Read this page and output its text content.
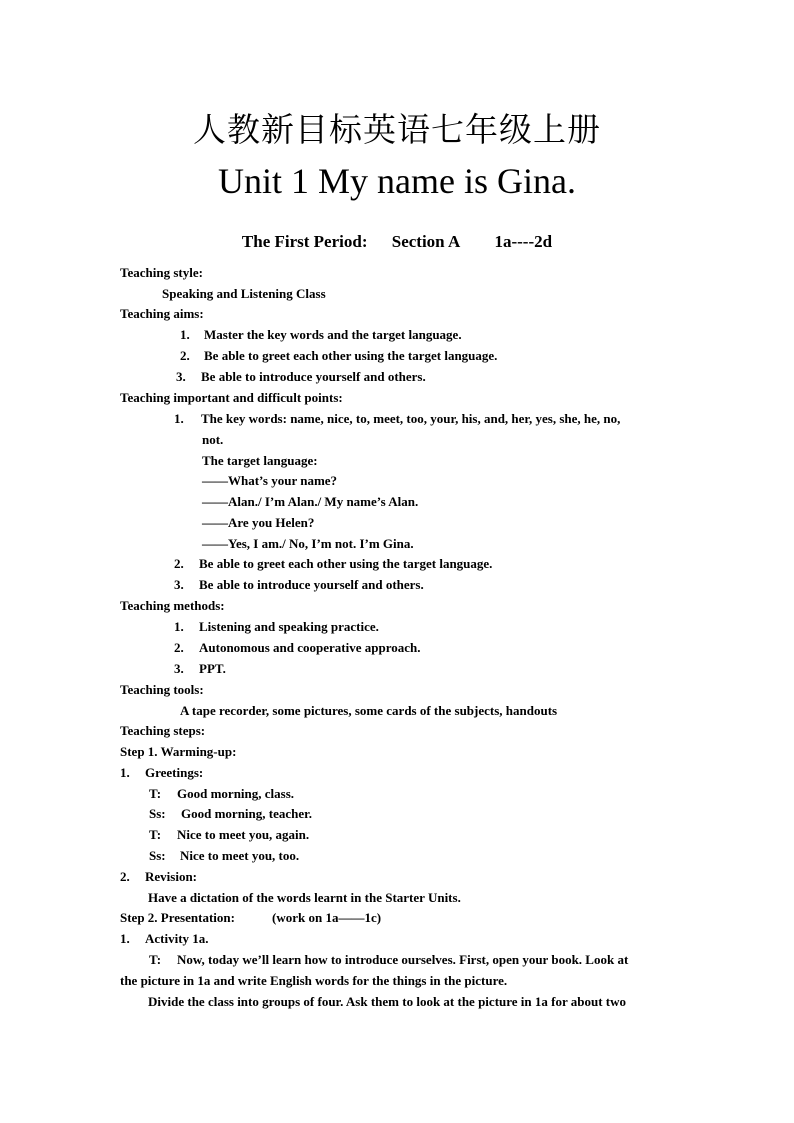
人教新目标英语七年级上册
Unit 1 My name is Gina.
The First Period: Section A 1a----2d
Teaching style:
Speaking and Listening Class
Teaching aims:
1. Master the key words and the target language.
2. Be able to greet each other using the target language.
3. Be able to introduce yourself and others.
Teaching important and difficult points:
1. The key words: name, nice, to, meet, too, your, his, and, her, yes, she, he, no,
not.
The target language:
——What’s your name?
——Alan./ I’m Alan./ My name’s Alan.
——Are you Helen?
——Yes, I am./ No, I’m not. I’m Gina.
2. Be able to greet each other using the target language.
3. Be able to introduce yourself and others.
Teaching methods:
1. Listening and speaking practice.
2. Autonomous and cooperative approach.
3. PPT.
Teaching tools:
A tape recorder, some pictures, some cards of the subjects, handouts
Teaching steps:
Step 1. Warming-up:
1. Greetings:
T: Good morning, class.
Ss: Good morning, teacher.
T: Nice to meet you, again.
Ss: Nice to meet you, too.
2. Revision:
Have a dictation of the words learnt in the Starter Units.
Step 2. Presentation:	(work on 1a——1c)
1. Activity 1a.
T: Now, today we’ll learn how to introduce ourselves. First, open your book. Look at
the picture in 1a and write English words for the things in the picture.
Divide the class into groups of four. Ask them to look at the picture in 1a for about two
